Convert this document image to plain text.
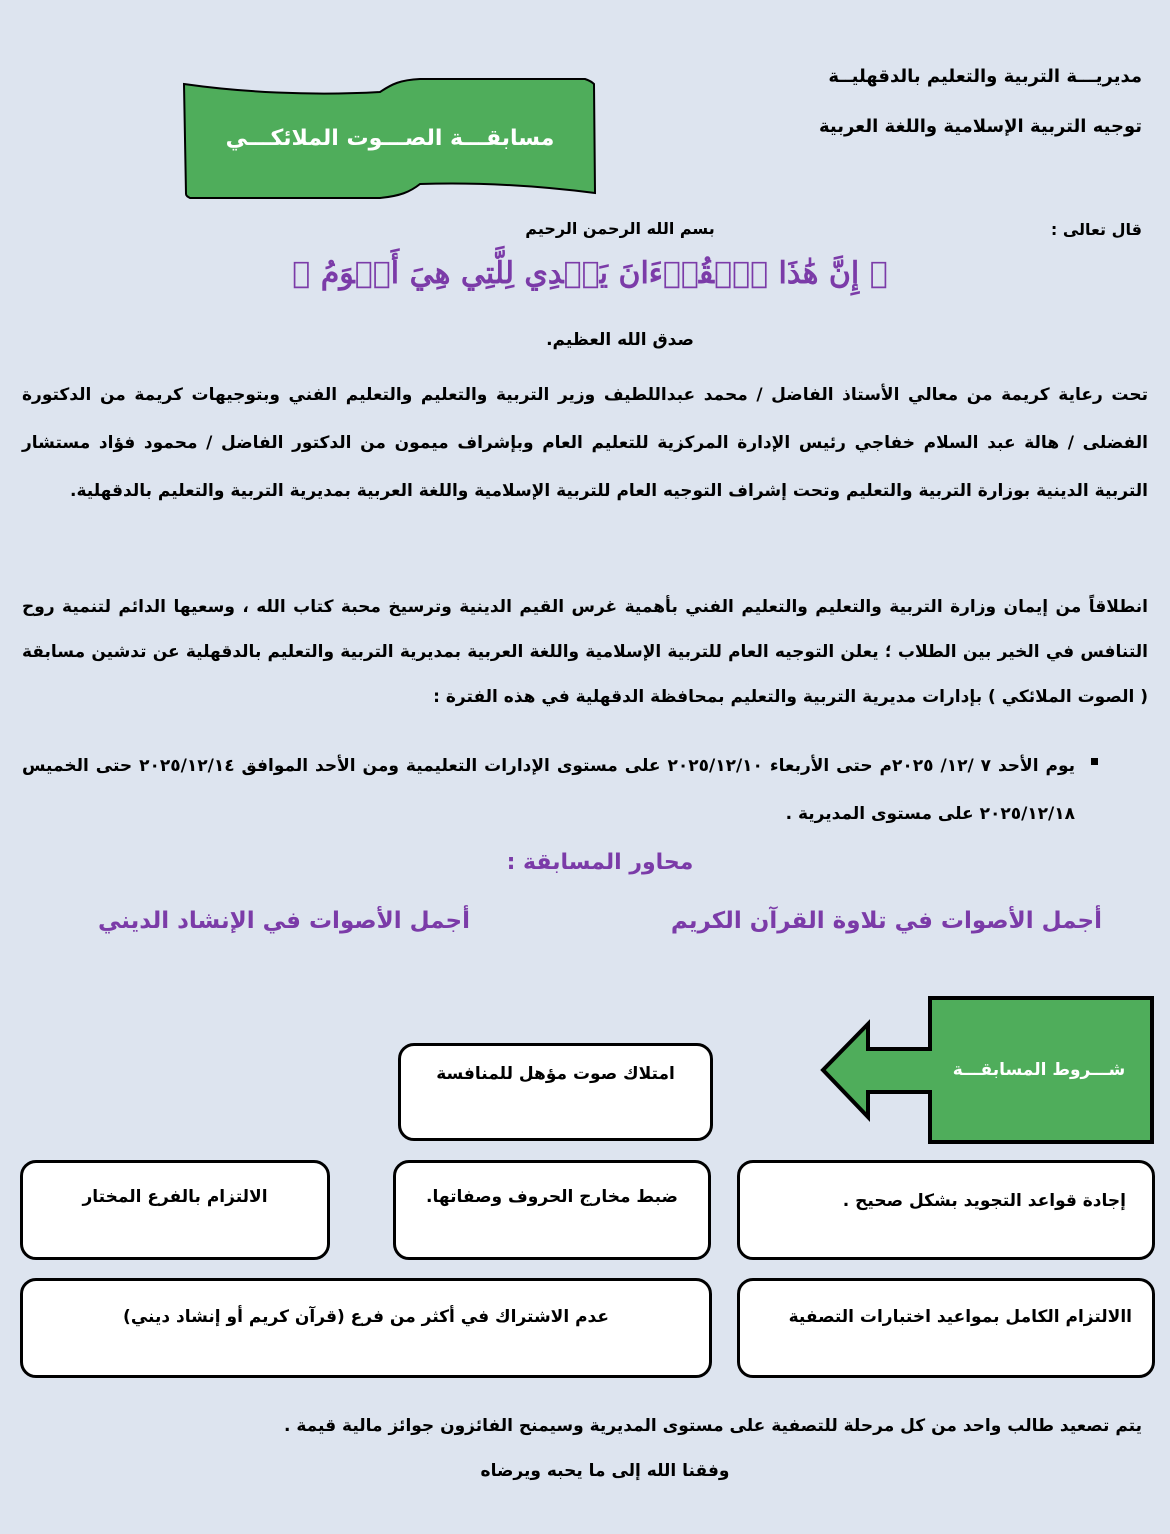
مديريـــة التربية والتعليم بالدقهليــة
توجيه التربية الإسلامية واللغة العربية
مسابقـــة الصـــوت الملائكـــي
قال تعالى :
بسم الله الرحمن الرحيم
﴿ إِنَّ هَٰذَا ٱلۡقُرۡءَانَ يَهۡدِي لِلَّتِي هِيَ أَقۡوَمُ ﴾
صدق الله العظيم.
تحت رعاية كريمة من معالي الأستاذ الفاضل / محمد عبداللطيف وزير التربية والتعليم والتعليم الفني وبتوجيهات كريمة من الدكتورة الفضلى / هالة عبد السلام خفاجي رئيس الإدارة المركزية للتعليم العام وبإشراف ميمون من الدكتور الفاضل / محمود فؤاد مستشار التربية الدينية بوزارة التربية والتعليم وتحت إشراف التوجيه العام للتربية الإسلامية واللغة العربية بمديرية التربية والتعليم بالدقهلية.
انطلاقاً من إيمان وزارة التربية والتعليم والتعليم الفني بأهمية غرس القيم الدينية وترسيخ محبة كتاب الله ، وسعيها الدائم لتنمية روح التنافس في الخير بين الطلاب ؛ يعلن التوجيه العام للتربية الإسلامية واللغة العربية بمديرية التربية والتعليم بالدقهلية عن تدشين مسابقة ( الصوت الملائكي ) بإدارات مديرية التربية والتعليم بمحافظة الدقهلية في هذه الفترة :
يوم الأحد ٧ /١٢/ ٢٠٢٥م حتى الأربعاء ٢٠٢٥/١٢/١٠ على مستوى الإدارات التعليمية ومن الأحد الموافق ٢٠٢٥/١٢/١٤ حتى الخميس ٢٠٢٥/١٢/١٨ على مستوى المديرية .
محاور المسابقة :
أجمل الأصوات في تلاوة القرآن الكريم
أجمل الأصوات في الإنشاد الديني
شـــروط المسابقـــة
امتلاك صوت مؤهل للمنافسة
إجادة قواعد التجويد بشكل صحيح .
ضبط مخارج الحروف وصفاتها.
الالتزام بالفرع المختار
االالتزام الكامل بمواعيد اختبارات التصفية
عدم الاشتراك في أكثر من فرع (قرآن كريم أو إنشاد ديني)
يتم تصعيد طالب واحد من كل مرحلة للتصفية على مستوى المديرية وسيمنح الفائزون جوائز مالية قيمة .
وفقنا الله إلى ما يحبه ويرضاه
